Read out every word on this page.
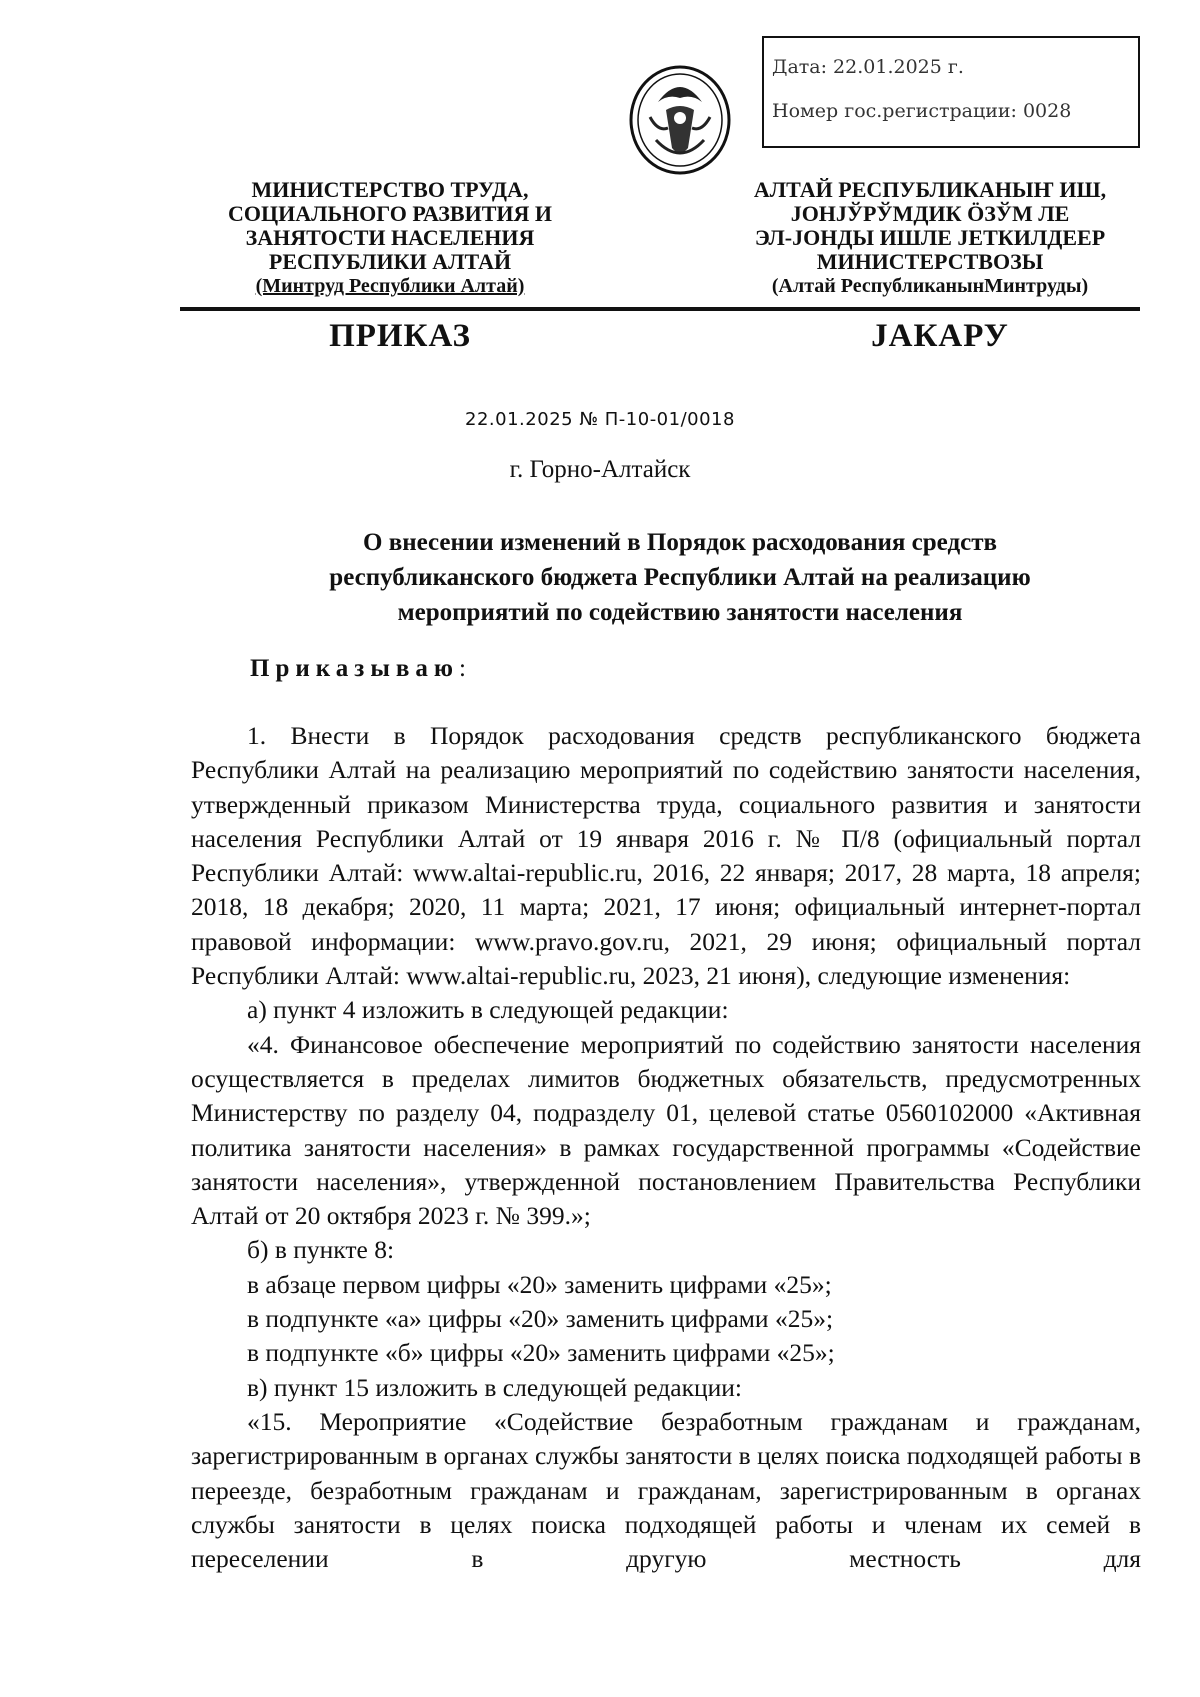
Дата: 22.01.2025 г.
Номер гос.регистрации: 0028
МИНИСТЕРСТВО ТРУДА,
СОЦИАЛЬНОГО РАЗВИТИЯ И
ЗАНЯТОСТИ НАСЕЛЕНИЯ
РЕСПУБЛИКИ АЛТАЙ
(Минтруд Республики Алтай)
АЛТАЙ РЕСПУБЛИКАНЫҤ ИШ,
ЈОНЈЎРЎМДИК ÖЗЎМ ЛЕ
ЭЛ-ЈОНДЫ ИШЛЕ ЈЕТКИЛДЕЕР
МИНИСТЕРСТВОЗЫ
(Алтай РеспубликанынМинтруды)
ПРИКАЗ	ЈАКАРУ
22.01.2025 № П-10-01/0018
г. Горно-Алтайск
О внесении изменений в Порядок расходования средств
республиканского бюджета Республики Алтай на реализацию
мероприятий по содействию занятости населения
Приказываю:

1. Внести в Порядок расходования средств республиканского бюджета Республики Алтай на реализацию мероприятий по содействию занятости населения, утвержденный приказом Министерства труда, социального развития и занятости населения Республики Алтай от 19 января 2016 г. № П/8 (официальный портал Республики Алтай: www.altai-republic.ru, 2016, 22 января; 2017, 28 марта, 18 апреля; 2018, 18 декабря; 2020, 11 марта; 2021, 17 июня; официальный интернет-портал правовой информации: www.pravo.gov.ru, 2021, 29 июня; официальный портал Республики Алтай: www.altai-republic.ru, 2023, 21 июня), следующие изменения:

а) пункт 4 изложить в следующей редакции:

«4. Финансовое обеспечение мероприятий по содействию занятости населения осуществляется в пределах лимитов бюджетных обязательств, предусмотренных Министерству по разделу 04, подразделу 01, целевой статье 0560102000 «Активная политика занятости населения» в рамках государственной программы «Содействие занятости населения», утвержденной постановлением Правительства Республики Алтай от 20 октября 2023 г. № 399.»;

б) в пункте 8:

в абзаце первом цифры «20» заменить цифрами «25»;

в подпункте «а» цифры «20» заменить цифрами «25»;

в подпункте «б» цифры «20» заменить цифрами «25»;

в) пункт 15 изложить в следующей редакции:

«15. Мероприятие «Содействие безработным гражданам и гражданам, зарегистрированным в органах службы занятости в целях поиска подходящей работы в переезде, безработным гражданам и гражданам, зарегистрированным в органах службы занятости в целях поиска подходящей работы и членам их семей в переселении в другую местность для
